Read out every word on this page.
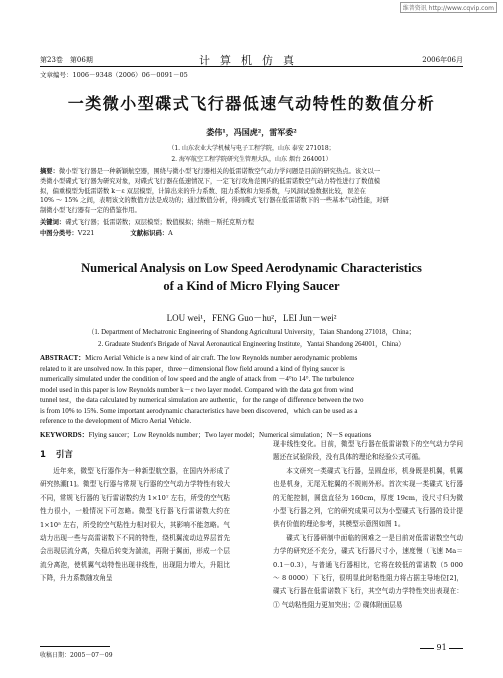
维普资讯 http://www.cqvip.com
第23卷　第06期	计算机仿真	2006年06月
文章编号：1006－9348（2006）06－0091－05
一类微小型碟式飞行器低速气动特性的数值分析
娄伟¹，冯国虎²，雷军委²
（1. 山东农业大学机械与电子工程学院，山东 泰安 271018；
2. 海军航空工程学院研究生管理大队，山东 烟台 264001）
摘要：微小型飞行器是一种新颖航空器，围绕与微小型飞行器相关的低雷诺数空气动力学问题是目前的研究热点。该文以一
类微小型碟式飞行器为研究对象，对碟式飞行器在低速情况下，一定飞行攻角范围内的低雷诺数空气动力特性进行了数值模
拟，偏重模型为低雷诺数 k－ε 双层模型，计算出来的升力系数、阻力系数和力矩系数，与风洞试验数据比较，误差在
10% ～ 15% 之间，表明该文的数值方法是成功的；通过数值分析，得到碟式飞行器在低雷诺数下的一些基本气动性能，对研
制微小型飞行器有一定的借鉴作用。
关键词：碟式飞行器；低雷诺数；双层模型；数值模拟；纳维－斯托克斯方程
中图分类号：V221	文献标识码：A
Numerical Analysis on Low Speed Aerodynamic Characteristics
of a Kind of Micro Flying Saucer
LOU wei¹，FENG Guo－hu²，LEI Jun－wei²
（1. Department of Mechatronic Engineering of Shandong Agricultural University，Taian Shandong 271018，China；
2. Graduate Student's Brigade of Naval Aeronautical Engineering Institute，Yantai Shandong 264001，China）
ABSTRACT：Micro Aerial Vehicle is a new kind of air craft. The low Reynolds number aerodynamic problems
related to it are unsolved now. In this paper，three－dimensional flow field around a kind of flying saucer is
numerically simulated under the condition of low speed and the angle of attack from －4°to 14°. The turbulence
model used in this paper is low Reynolds number k－ε two layer model. Compared with the data got from wind
tunnel test，the data calculated by numerical simulation are authentic，for the range of difference between the two
is from 10% to 15%. Some important aerodynamic characteristics have been discovered，which can be used as a
reference to the development of Micro Aerial Vehicle.
KEYWORDS：Flying saucer；Low Reynolds number；Two layer model；Numerical simulation；N－S equations
1 引言

近年来，微型飞行器作为一种新型航空器，在国内外形成了研究热潮[1]。微型飞行器与常规飞行器的空气动力学特性有较大不同，常规飞行器的飞行雷诺数约为 1×10⁷ 左右，所受的空气粘性力很小，一般情况下可忽略。微型飞行器飞行雷诺数大约在 1×10⁵ 左右，所受的空气粘性力相对很大，其影响不能忽略。气动力出现一些与高雷诺数下不同的特性，绕机翼流动边界层首先会出现层流分离，失稳后转变为湍流，再附于翼面，形成一个层流分离泡，使机翼气动特性出现非线性，出现阻力增大，升阻比下降，升力系数随攻角呈

现非线性变化。目前，微型飞行器在低雷诺数下的空气动力学问题还在试验阶段，没有具体的理论和经验公式可循。

本文研究一类碟式飞行器，呈圆盘形，机身既是机翼，机翼也是机身，无尾无舵翼的不规则外形。首次实现一类碟式飞行器的无舵控制，圆盘直径为 160cm，厚度 19cm，没尺寸归为微小型飞行器之列，它的研究成果可以为小型碟式飞行器的设计提供有价值的理论参考，其模型示意图如图 1。

碟式飞行器研制中面临的困难之一是目前对低雷诺数空气动力学的研究还不充分，碟式飞行器尺寸小，速度慢（飞速 Ma＝0.1－0.3），与普通飞行器相比，它将在较低的雷诺数（5 000 ～ 8 0000）下飞行，很明显此时粘性阻力将占据主导地位[2]，碟式飞行器在低雷诺数下飞行，其空气动力学特性突出表现在：① 气动粘性阻力更加突出；② 碟体附面层易

收稿日期：2005－07－09
91
